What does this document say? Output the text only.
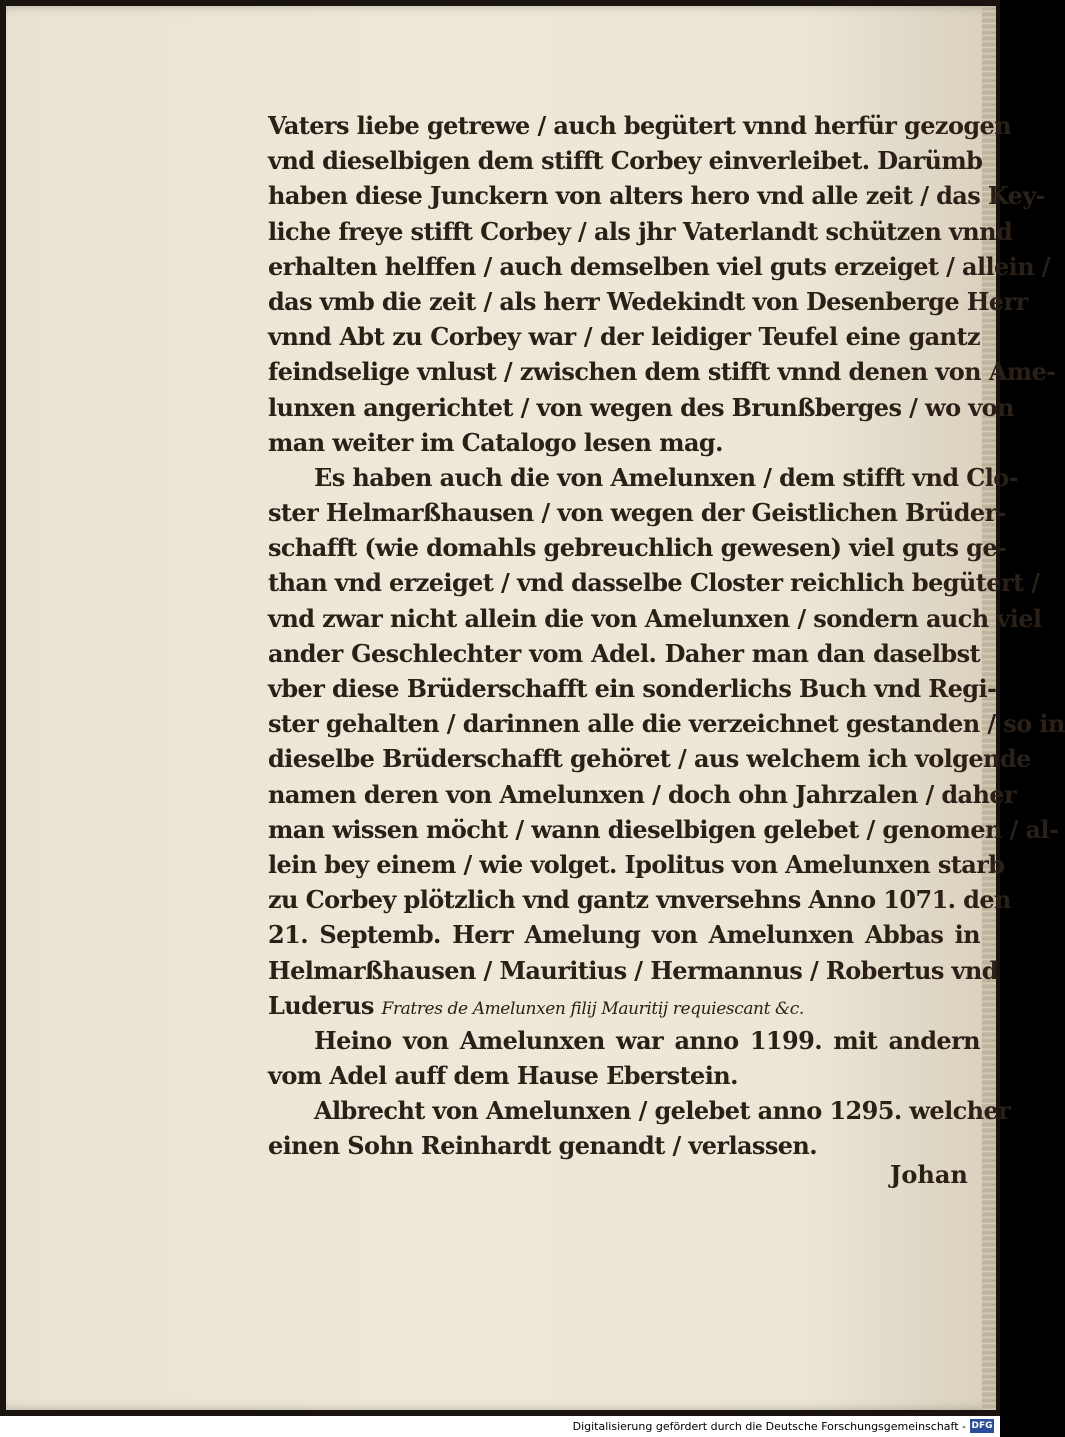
Vaters liebe getrewe / auch begütert vnnd herfür gezogen
vnd dieselbigen dem stifft Corbey einverleibet. Darümb
haben diese Junckern von alters hero vnd alle zeit / das Key-
liche freye stifft Corbey / als jhr Vaterlandt schützen vnnd
erhalten helffen / auch demselben viel guts erzeiget / allein /
das vmb die zeit / als herr Wedekindt von Desenberge Herr
vnnd Abt zu Corbey war / der leidiger Teufel eine gantz
feindselige vnlust / zwischen dem stifft vnnd denen von Ame-
lunxen angerichtet / von wegen des Brunßberges / wo von
man weiter im Catalogo lesen mag.
Es haben auch die von Amelunxen / dem stifft vnd Clo-
ster Helmarßhausen / von wegen der Geistlichen Brüder-
schafft (wie domahls gebreuchlich gewesen) viel guts ge-
than vnd erzeiget / vnd dasselbe Closter reichlich begütert /
vnd zwar nicht allein die von Amelunxen / sondern auch viel
ander Geschlechter vom Adel. Daher man dan daselbst
vber diese Brüderschafft ein sonderlichs Buch vnd Regi-
ster gehalten / darinnen alle die verzeichnet gestanden / so in
dieselbe Brüderschafft gehöret / aus welchem ich volgende
namen deren von Amelunxen / doch ohn Jahrzalen / daher
man wissen möcht / wann dieselbigen gelebet / genomen / al-
lein bey einem / wie volget. Ipolitus von Amelunxen starb
zu Corbey plötzlich vnd gantz vnversehns Anno 1071. den
21. Septemb. Herr Amelung von Amelunxen Abbas in
Helmarßhausen / Mauritius / Hermannus / Robertus vnd
Luderus Fratres de Amelunxen filij Mauritij requiescant &c.
Heino von Amelunxen war anno 1199. mit andern
vom Adel auff dem Hause Eberstein.
Albrecht von Amelunxen / gelebet anno 1295. welcher
einen Sohn Reinhardt genandt / verlassen.
Johan
Digitalisierung gefördert durch die Deutsche Forschungsgemeinschaft - DFG
